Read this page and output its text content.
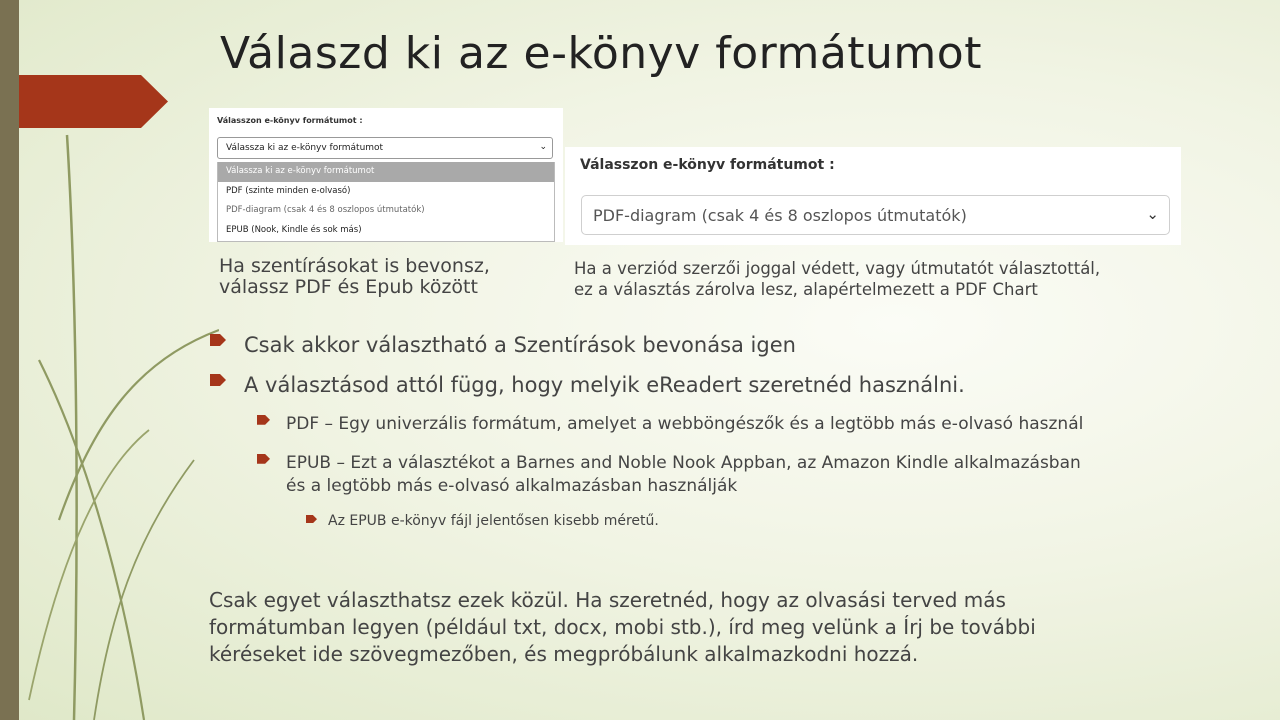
Válaszd ki az e-könyv formátumot
Válasszon e-könyv formátumot :
Válassza ki az e-könyv formátumot	⌄
Válassza ki az e-könyv formátumot
PDF (szinte minden e-olvasó)
PDF-diagram (csak 4 és 8 oszlopos útmutatók)
EPUB (Nook, Kindle és sok más)
Válasszon e-könyv formátumot :
PDF-diagram (csak 4 és 8 oszlopos útmutatók)	⌄
Ha szentírásokat is bevonsz,
válassz PDF és Epub között
Ha a verziód szerzői joggal védett, vagy útmutatót választottál,
ez a választás zárolva lesz, alapértelmezett a PDF Chart
Csak akkor választható a Szentírások bevonása igen
A választásod attól függ, hogy melyik eReadert szeretnéd használni.
PDF – Egy univerzális formátum, amelyet a webböngészők és a legtöbb más e-olvasó használ
EPUB – Ezt a választékot a Barnes and Noble Nook Appban, az Amazon Kindle alkalmazásban
és a legtöbb más e-olvasó alkalmazásban használják
Az EPUB e-könyv fájl jelentősen kisebb méretű.
Csak egyet választhatsz ezek közül. Ha szeretnéd, hogy az olvasási terved más
formátumban legyen (például txt, docx, mobi stb.), írd meg velünk a Írj be további
kéréseket ide szövegmezőben, és megpróbálunk alkalmazkodni hozzá.
